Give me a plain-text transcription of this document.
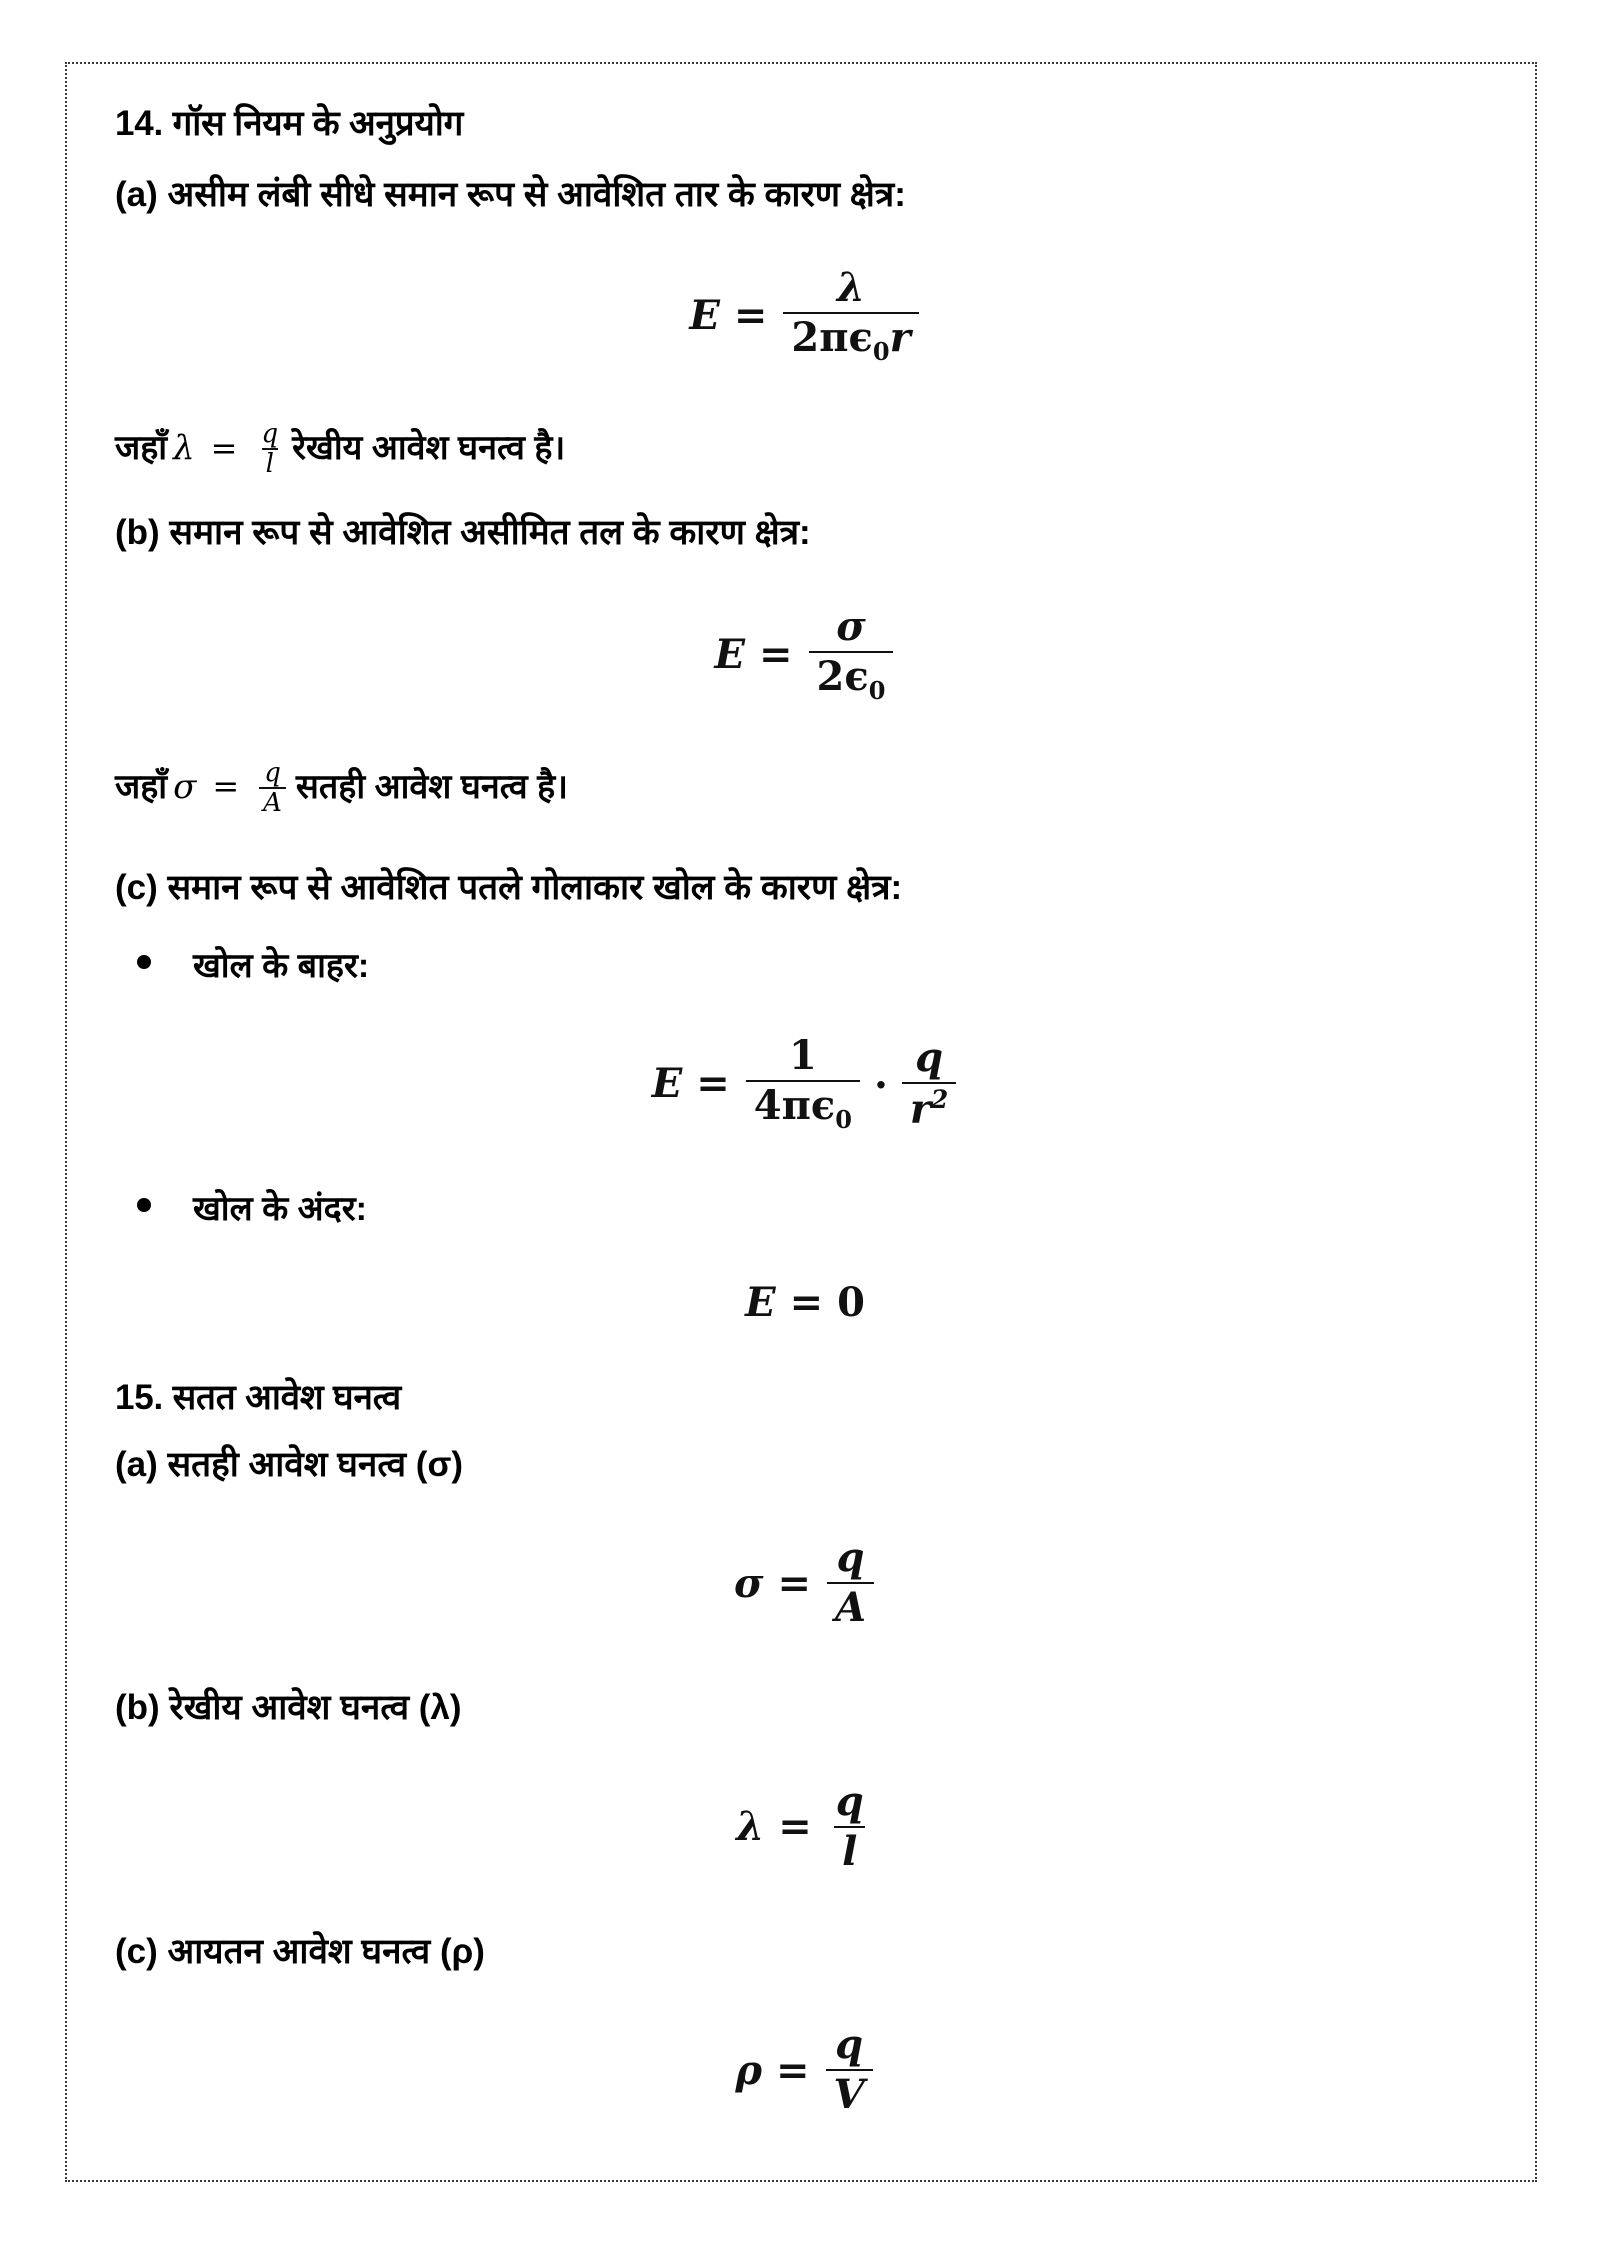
14. गॉस नियम के अनुप्रयोग
(a) असीम लंबी सीधे समान रूप से आवेशित तार के कारण क्षेत्र:
$E = \frac{\lambda}{2\pi\epsilon_0r}$
जहाँ $\lambda = \frac{q}{l}$ रेखीय आवेश घनत्व है।
(b) समान रूप से आवेशित असीमित तल के कारण क्षेत्र:
$E = \frac{\sigma}{2\epsilon_0}$
जहाँ $\sigma = \frac{q}{A}$ सतही आवेश घनत्व है।
(c) समान रूप से आवेशित पतले गोलाकार खोल के कारण क्षेत्र:
खोल के बाहर:
$E = \frac{1}{4\pi\epsilon_0} \cdot \frac{q}{r^2}$
खोल के अंदर:
E = 0
15. सतत आवेश घनत्व
(a) सतही आवेश घनत्व (σ)
$\sigma = \frac{q}{A}$
(b) रेखीय आवेश घनत्व (λ)
$\lambda = \frac{q}{l}$
(c) आयतन आवेश घनत्व (ρ)
$\rho = \frac{q}{V}$
